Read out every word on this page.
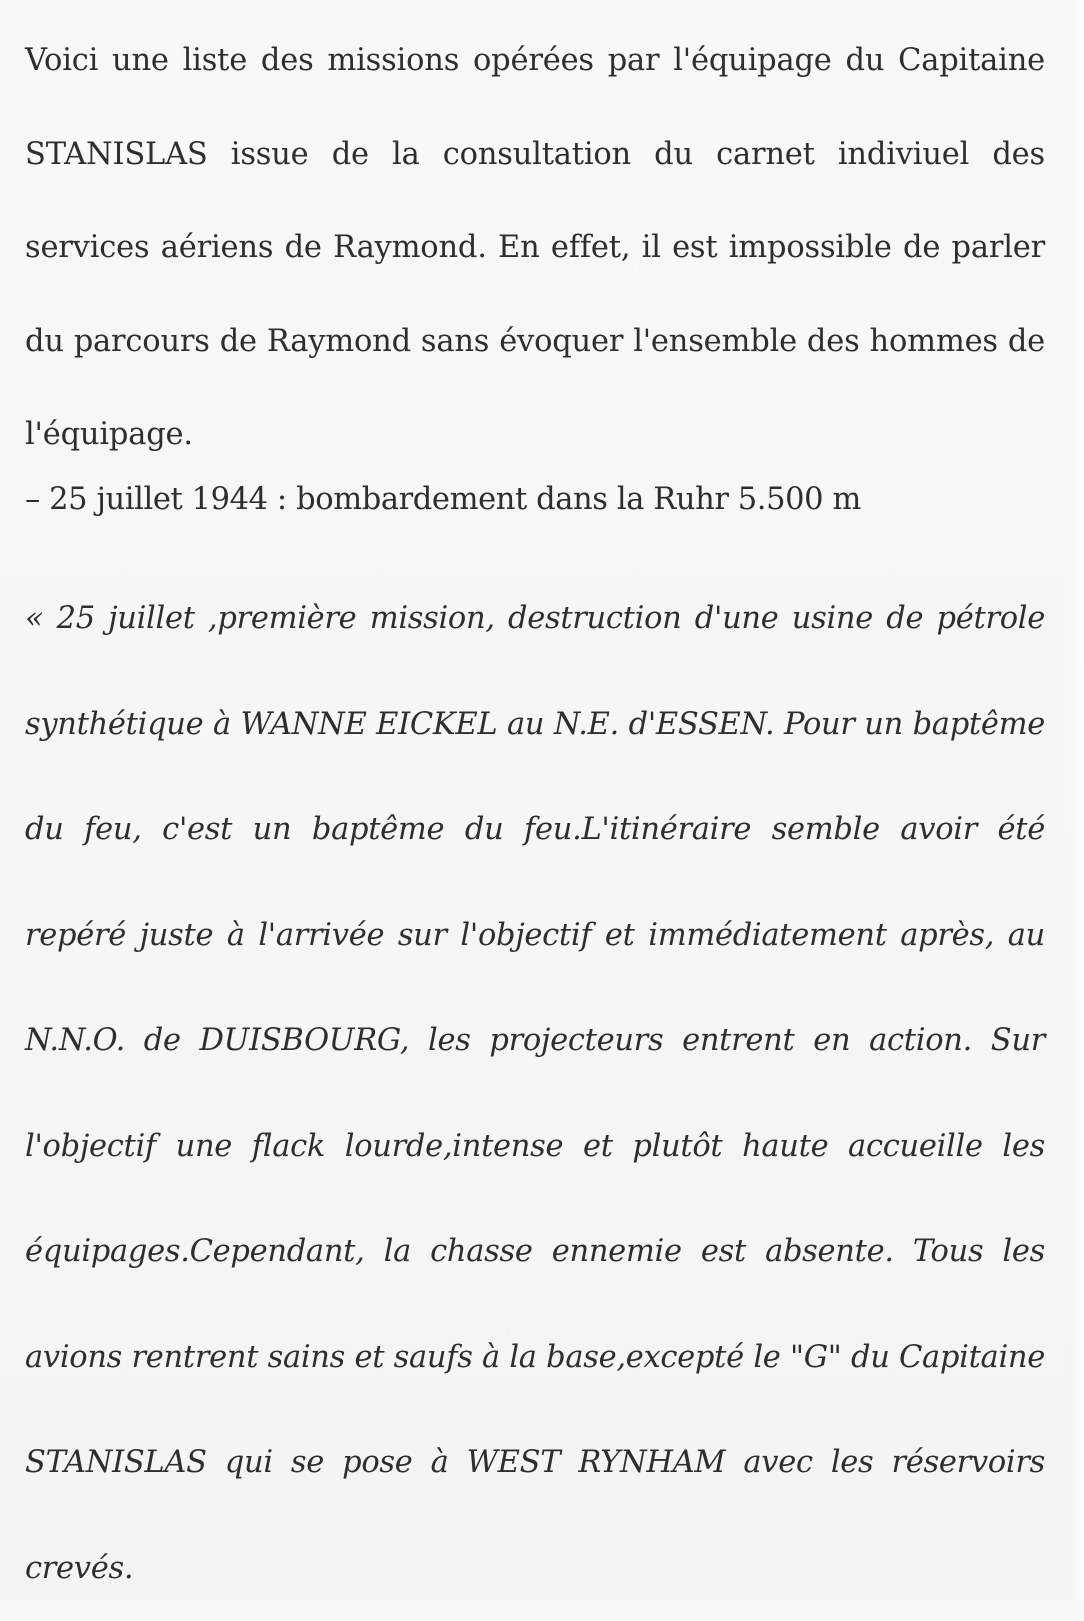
Voici une liste des missions opérées par l'équipage du Capitaine STANISLAS issue de la consultation du carnet indiviuel des services aériens de Raymond. En effet, il est impossible de parler du parcours de Raymond sans évoquer l'ensemble des hommes de l'équipage.

– 25 juillet 1944 : bombardement dans la Ruhr 5.500 m

« 25 juillet ,première mission, destruction d'une usine de pétrole synthétique à WANNE EICKEL au N.E. d'ESSEN. Pour un baptême du feu, c'est un baptême du feu.L'itinéraire semble avoir été repéré juste à l'arrivée sur l'objectif et immédiatement après, au N.N.O. de DUISBOURG, les projecteurs entrent en action. Sur l'objectif une flack lourde,intense et plutôt haute accueille les équipages.Cependant, la chasse ennemie est absente. Tous les avions rentrent sains et saufs à la base,excepté le "G" du Capitaine STANISLAS qui se pose à WEST RYNHAM avec les réservoirs crevés.
